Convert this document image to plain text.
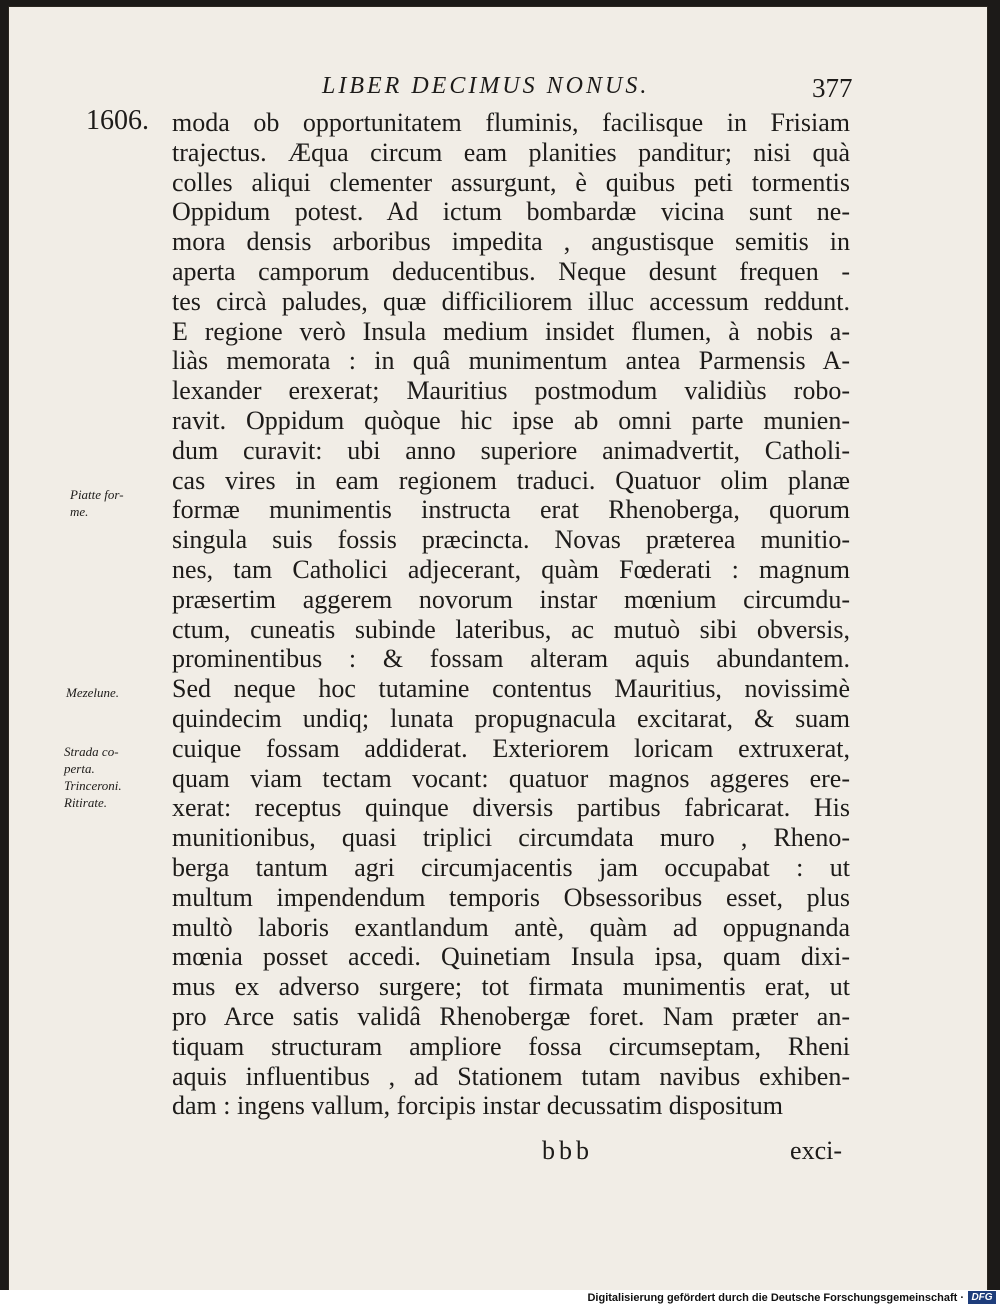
LIBER DECIMUS NONUS.	377
1606. moda ob opportunitatem fluminis, facilisque in Frisiam
trajectus. Æqua circum eam planities panditur; nisi quà
colles aliqui clementer assurgunt, è quibus peti tormentis
Oppidum potest. Ad ictum bombardæ vicina sunt ne-
mora densis arboribus impedita , angustisque semitis in
aperta camporum deducentibus. Neque desunt frequen -
tes circà paludes, quæ difficiliorem illuc accessum reddunt.
E regione verò Insula medium insidet flumen, à nobis a-
liàs memorata : in quâ munimentum antea Parmensis A-
lexander erexerat; Mauritius postmodum validiùs robo-
ravit. Oppidum quòque hic ipse ab omni parte munien-
dum curavit: ubi anno superiore animadvertit, Catholi-
cas vires in eam regionem traduci. Quatuor olim planæ
formæ munimentis instructa erat Rhenoberga, quorum
singula suis fossis præcincta. Novas præterea munitio-
nes, tam Catholici adjecerant, quàm Fœderati : magnum
præsertim aggerem novorum instar mœnium circumdu-
ctum, cuneatis subinde lateribus, ac mutuò sibi obversis,
prominentibus : & fossam alteram aquis abundantem.
Sed neque hoc tutamine contentus Mauritius, novissimè
quindecim undiq; lunata propugnacula excitarat, & suam
cuique fossam addiderat. Exteriorem loricam extruxerat,
quam viam tectam vocant: quatuor magnos aggeres ere-
xerat: receptus quinque diversis partibus fabricarat. His
munitionibus, quasi triplici circumdata muro , Rheno-
berga tantum agri circumjacentis jam occupabat : ut
multum impendendum temporis Obsessoribus esset, plus
multò laboris exantlandum antè, quàm ad oppugnanda
mœnia posset accedi. Quinetiam Insula ipsa, quam dixi-
mus ex adverso surgere; tot firmata munimentis erat, ut
pro Arce satis validâ Rhenobergæ foret. Nam præter an-
tiquam structuram ampliore fossa circumseptam, Rheni
aquis influentibus , ad Stationem tutam navibus exhiben-
dam : ingens vallum, forcipis instar decussatim dispositum
Piatte for-
me.
Mezelune.
Strada co-
perta.
Trinceroni.
Ritirate.
bbb	exci-
Digitalisierung gefördert durch die Deutsche Forschungsgemeinschaft · DFG
